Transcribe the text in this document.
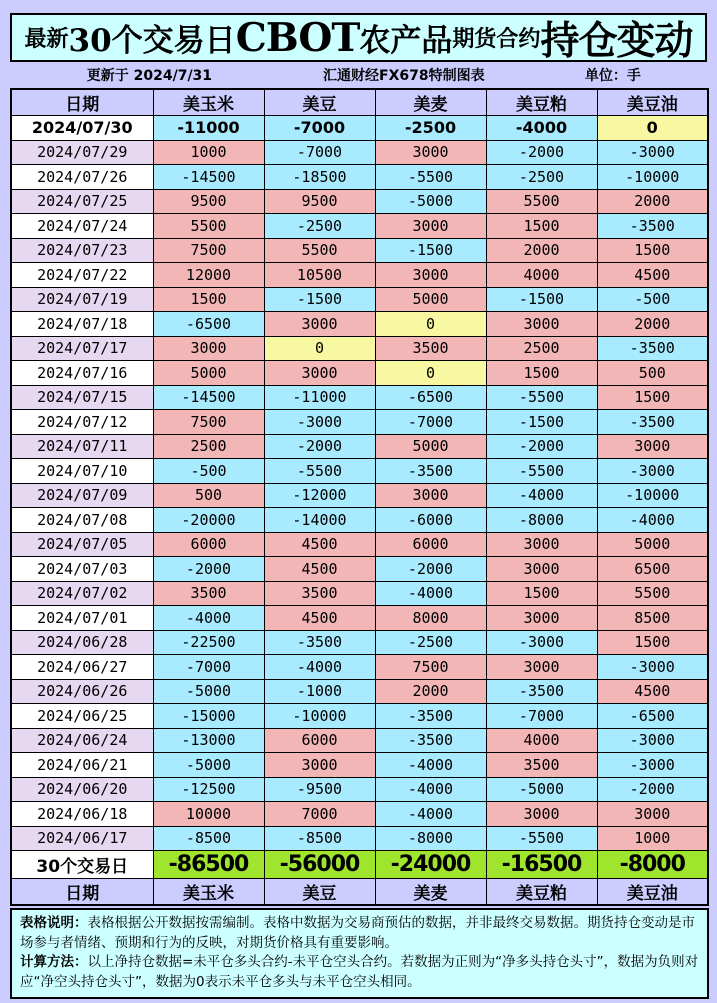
最新 30个交易日 CBOT 农产品 期货合约 持仓变动
更新于 2024/7/31	汇通财经FX678特制图表	单位：手
日期	美玉米	美豆	美麦	美豆粕	美豆油
2024/07/30	-11000	-7000	-2500	-4000	0
2024/07/29	1000	-7000	3000	-2000	-3000
2024/07/26	-14500	-18500	-5500	-2500	-10000
2024/07/25	9500	9500	-5000	5500	2000
2024/07/24	5500	-2500	3000	1500	-3500
2024/07/23	7500	5500	-1500	2000	1500
2024/07/22	12000	10500	3000	4000	4500
2024/07/19	1500	-1500	5000	-1500	-500
2024/07/18	-6500	3000	0	3000	2000
2024/07/17	3000	0	3500	2500	-3500
2024/07/16	5000	3000	0	1500	500
2024/07/15	-14500	-11000	-6500	-5500	1500
2024/07/12	7500	-3000	-7000	-1500	-3500
2024/07/11	2500	-2000	5000	-2000	3000
2024/07/10	-500	-5500	-3500	-5500	-3000
2024/07/09	500	-12000	3000	-4000	-10000
2024/07/08	-20000	-14000	-6000	-8000	-4000
2024/07/05	6000	4500	6000	3000	5000
2024/07/03	-2000	4500	-2000	3000	6500
2024/07/02	3500	3500	-4000	1500	5500
2024/07/01	-4000	4500	8000	3000	8500
2024/06/28	-22500	-3500	-2500	-3000	1500
2024/06/27	-7000	-4000	7500	3000	-3000
2024/06/26	-5000	-1000	2000	-3500	4500
2024/06/25	-15000	-10000	-3500	-7000	-6500
2024/06/24	-13000	6000	-3500	4000	-3000
2024/06/21	-5000	3000	-4000	3500	-3000
2024/06/20	-12500	-9500	-4000	-5000	-2000
2024/06/18	10000	7000	-4000	3000	3000
2024/06/17	-8500	-8500	-8000	-5500	1000
30个交易日	-86500	-56000	-24000	-16500	-8000
日期	美玉米	美豆	美麦	美豆粕	美豆油

表格说明：表格根据公开数据按需编制。表格中数据为交易商预估的数据，并非最终交易数据。期货持仓变动是市场参与者情绪、预期和行为的反映，对期货价格具有重要影响。

计算方法：以上净持仓数据=未平仓多头合约-未平仓空头合约。若数据为正则为“净多头持仓头寸”，数据为负则对应“净空头持仓头寸”，数据为0表示未平仓多头与未平仓空头相同。
